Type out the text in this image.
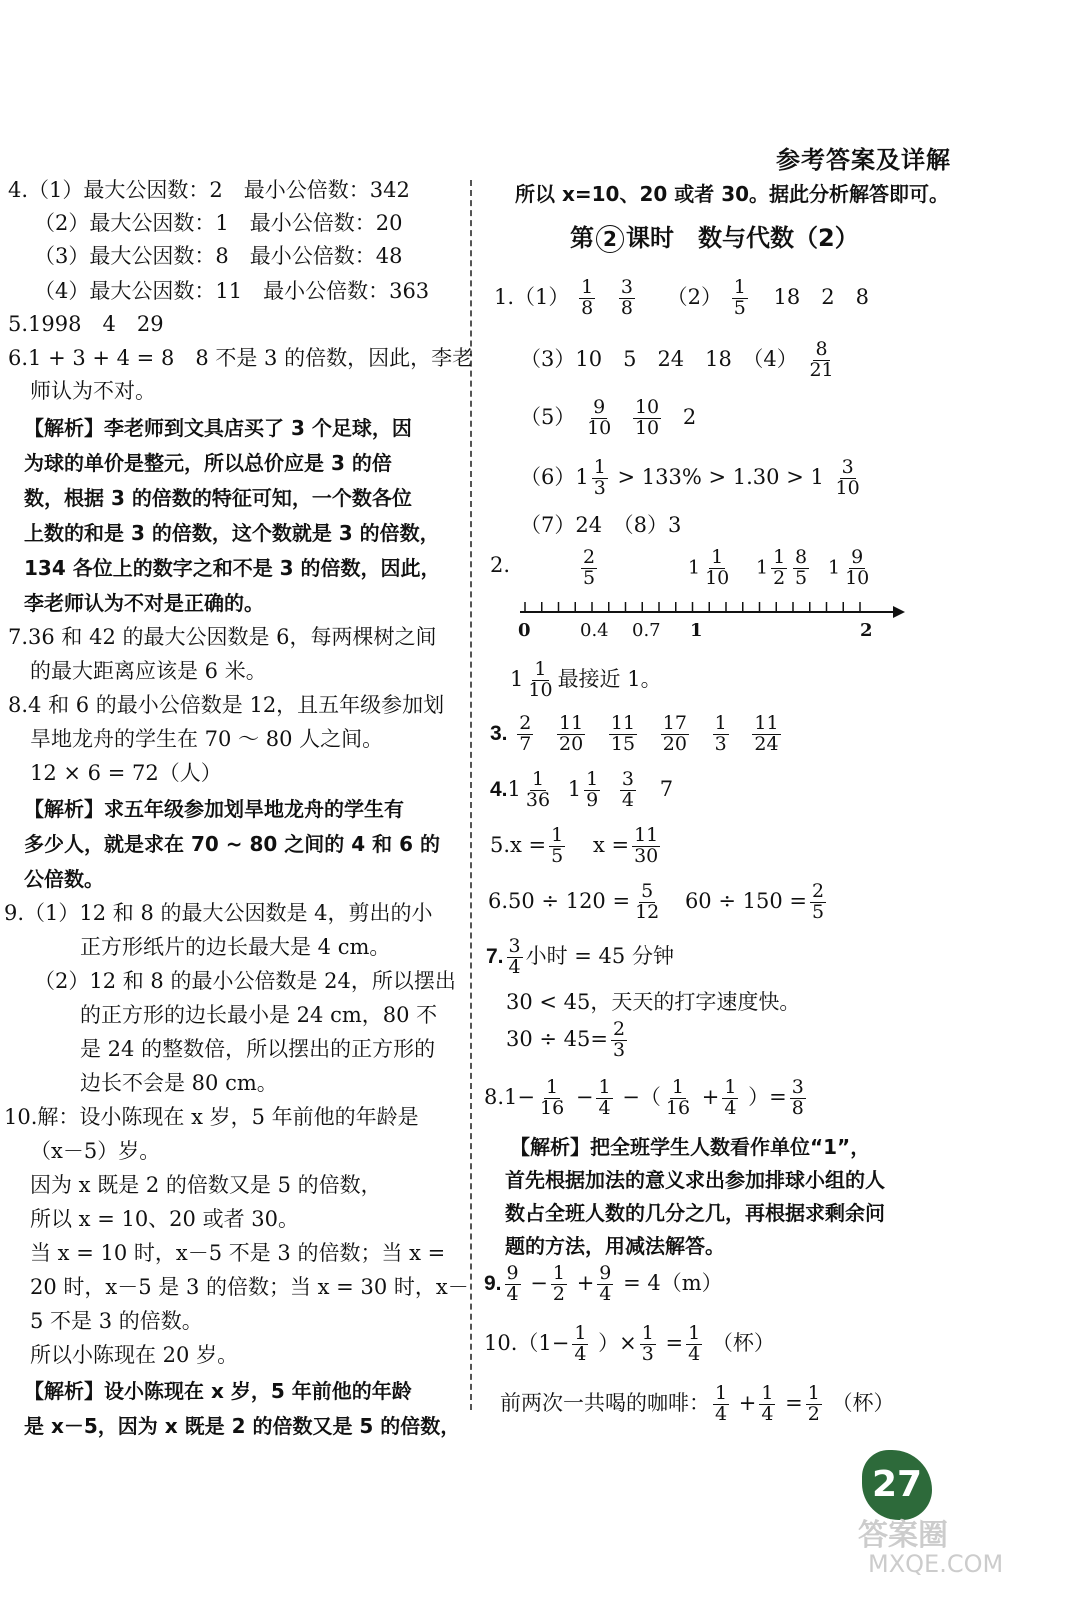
参考答案及详解
4.（1）最大公因数：2　最小公倍数：342
（2）最大公因数：1　最小公倍数：20
（3）最大公因数：8　最小公倍数：48
（4）最大公因数：11　最小公倍数：363
5.1998　4　29
6.1 + 3 + 4 = 8　8 不是 3 的倍数，因此，李老
师认为不对。
【解析】李老师到文具店买了 3 个足球，因
为球的单价是整元，所以总价应是 3 的倍
数，根据 3 的倍数的特征可知，一个数各位
上数的和是 3 的倍数，这个数就是 3 的倍数，
134 各位上的数字之和不是 3 的倍数，因此，
李老师认为不对是正确的。
7.36 和 42 的最大公因数是 6，每两棵树之间
的最大距离应该是 6 米。
8.4 和 6 的最小公倍数是 12，且五年级参加划
旱地龙舟的学生在 70 ～ 80 人之间。
12 × 6 = 72（人）
【解析】求五年级参加划旱地龙舟的学生有
多少人，就是求在 70 ~ 80 之间的 4 和 6 的
公倍数。
9.（1）12 和 8 的最大公因数是 4，剪出的小
正方形纸片的边长最大是 4 cm。
（2）12 和 8 的最小公倍数是 24，所以摆出
的正方形的边长最小是 24 cm，80 不
是 24 的整数倍，所以摆出的正方形的
边长不会是 80 cm。
10.解：设小陈现在 x 岁，5 年前他的年龄是
（x－5）岁。
因为 x 既是 2 的倍数又是 5 的倍数，
所以 x = 10、20 或者 30。
当 x = 10 时，x－5 不是 3 的倍数；当 x =
20 时，x－5 是 3 的倍数；当 x = 30 时，x－
5 不是 3 的倍数。
所以小陈现在 20 岁。
【解析】设小陈现在 x 岁，5 年前他的年龄
是 x－5，因为 x 既是 2 的倍数又是 5 的倍数，
所以 x=10、20 或者 30。据此分析解答即可。
第 2 课时　数与代数（2）
$1.(1) \frac{1}{8}$
$\frac{3}{8} (2) \frac{1}{5} 18$　2　8
（3）10　5　24　18　$(4) \frac{8}{21}$
$(5) \frac{9}{10}$
$\frac{10}{10} 2$
$(6)1 \frac{1}{3} > 133\% > 1.30 > 1 \frac{3}{10}$
（7）24　（8）3
2.	$\frac{2}{5}$	$1 \frac{1}{10} 1 \frac{1}{2} \frac{8}{5} 1 \frac{9}{10}$
0	0.4 0.7 1	2
$1 \frac{1}{10}$ 最接近 1。
3. $\frac{2}{7}$
$\frac{11}{20}$
$\frac{11}{15}$
$\frac{17}{20}$
$\frac{1}{3}$
$\frac{11}{24}$
$4.1 \frac{1}{36} 1 \frac{1}{9}$
$\frac{3}{4} 7$
$5.x = \frac{1}{5}$ $x = \frac{11}{30}$
$6.50 \div 120 = \frac{5}{12} 60 \div 150 = \frac{2}{5}$
7. $\frac{3}{4}$ 小时 = 45 分钟
30 < 45，天天的打字速度快。
$30 \div 45= \frac{2}{3}$
$8.1- \frac{1}{16} - \frac{1}{4}$ −（ $\frac{1}{16} + \frac{1}{4}$ ）= $\frac{3}{8}$
【解析】把全班学生人数看作单位“1”，
首先根据加法的意义求出参加排球小组的人
数占全班人数的几分之几，再根据求剩余问
题的方法，用减法解答。
9. $\frac{9}{4} - \frac{1}{2} + \frac{9}{4} = 4(m)$
$10.(1- \frac{1}{4}$ ）× $\frac{1}{3} = \frac{1}{4}$ （杯）
前两次一共喝的咖啡： $\frac{1}{4} + \frac{1}{4} = \frac{1}{2}$ （杯）
27
答案圈
MXQE.COM
